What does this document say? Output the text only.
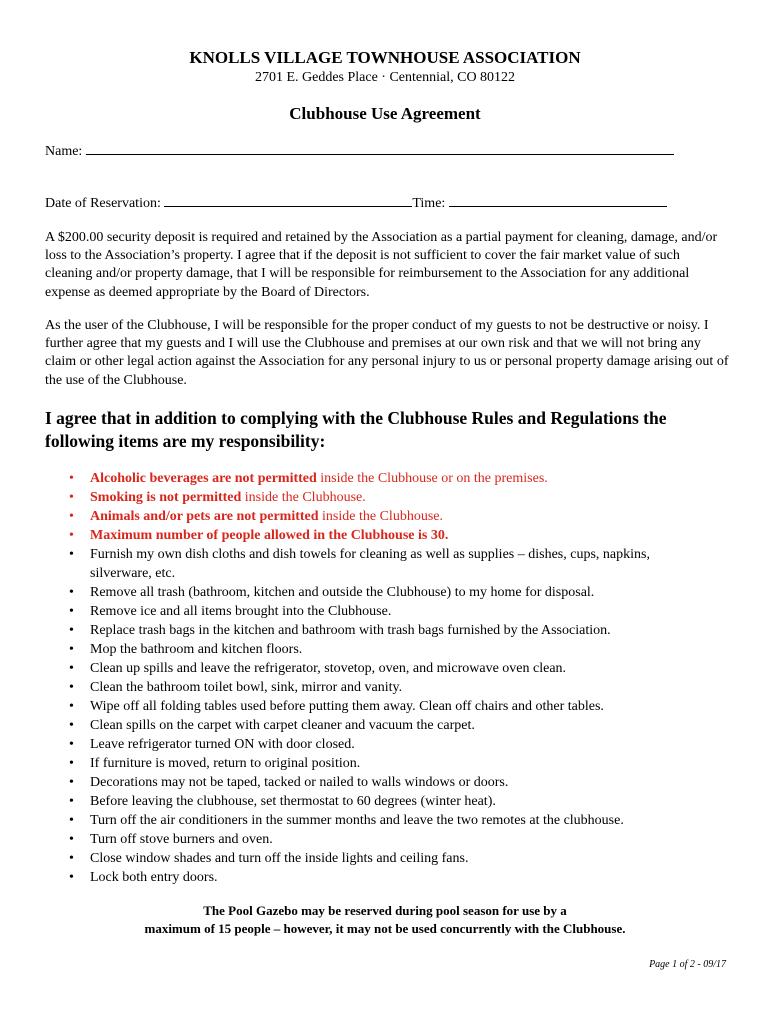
KNOLLS VILLAGE TOWNHOUSE ASSOCIATION
2701 E. Geddes Place · Centennial, CO 80122
Clubhouse Use Agreement
Name:
Date of Reservation:	Time:

A $200.00 security deposit is required and retained by the Association as a partial payment for cleaning, damage, and/or loss to the Association’s property. I agree that if the deposit is not sufficient to cover the fair market value of such cleaning and/or property damage, that I will be responsible for reimbursement to the Association for any additional expense as deemed appropriate by the Board of Directors.

As the user of the Clubhouse, I will be responsible for the proper conduct of my guests to not be destructive or noisy. I further agree that my guests and I will use the Clubhouse and premises at our own risk and that we will not bring any claim or other legal action against the Association for any personal injury to us or personal property damage arising out of the use of the Clubhouse.

I agree that in addition to complying with the Clubhouse Rules and Regulations the following items are my responsibility:
• Alcoholic beverages are not permitted inside the Clubhouse or on the premises.
• Smoking is not permitted inside the Clubhouse.
• Animals and/or pets are not permitted inside the Clubhouse.
• Maximum number of people allowed in the Clubhouse is 30.
• Furnish my own dish cloths and dish towels for cleaning as well as supplies – dishes, cups, napkins, silverware, etc.
• Remove all trash (bathroom, kitchen and outside the Clubhouse) to my home for disposal.
• Remove ice and all items brought into the Clubhouse.
• Replace trash bags in the kitchen and bathroom with trash bags furnished by the Association.
• Mop the bathroom and kitchen floors.
• Clean up spills and leave the refrigerator, stovetop, oven, and microwave oven clean.
• Clean the bathroom toilet bowl, sink, mirror and vanity.
• Wipe off all folding tables used before putting them away. Clean off chairs and other tables.
• Clean spills on the carpet with carpet cleaner and vacuum the carpet.
• Leave refrigerator turned ON with door closed.
• If furniture is moved, return to original position.
• Decorations may not be taped, tacked or nailed to walls windows or doors.
• Before leaving the clubhouse, set thermostat to 60 degrees (winter heat).
• Turn off the air conditioners in the summer months and leave the two remotes at the clubhouse.
• Turn off stove burners and oven.
• Close window shades and turn off the inside lights and ceiling fans.
• Lock both entry doors.
The Pool Gazebo may be reserved during pool season for use by a
maximum of 15 people – however, it may not be used concurrently with the Clubhouse.
Page 1 of 2 - 09/17
